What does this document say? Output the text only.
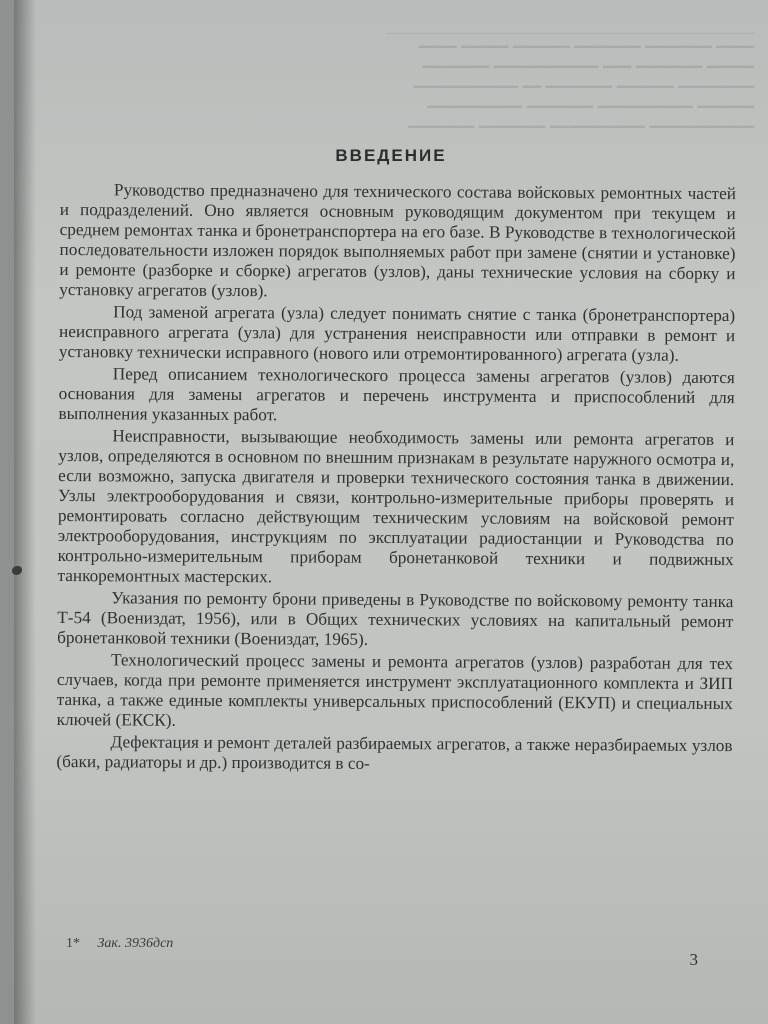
______________________________________________
━━━━ ━━━━━━━ ━━━━━━━ ━━━━━━ ━━━━━ ━━━━
━━━━━ ━━━━━━━ ━━━ ━━━━━━━━━━━ ━━━━━━━
━━━━━━━━ ━━━━━━ ━━━━━━━ ━━ ━━━━━━━━━━━
━━━━━━ ━━━━━━━━━━ ━━━━━━━ ━━━━━━━━━━
━━━━━━━━━━━ ━━━━━━━━━━ ━━━━━━━ ━━━━━━━
ВВЕДЕНИЕ

Руководство предназначено для технического состава войсковых ремонтных частей и подразделений. Оно является основным руководящим документом при текущем и среднем ремонтах танка и бронетранспортера на его базе. В Руководстве в технологической последовательности изложен порядок выполняемых работ при замене (снятии и установке) и ремонте (разборке и сборке) агрегатов (узлов), даны технические условия на сборку и установку агрегатов (узлов).

Под заменой агрегата (узла) следует понимать снятие с танка (бронетранспортера) неисправного агрегата (узла) для устранения неисправности или отправки в ремонт и установку технически исправного (нового или отремонтированного) агрегата (узла).

Перед описанием технологического процесса замены агрегатов (узлов) даются основания для замены агрегатов и перечень инструмента и приспособлений для выполнения указанных работ.

Неисправности, вызывающие необходимость замены или ремонта агрегатов и узлов, определяются в основном по внешним признакам в результате наружного осмотра и, если возможно, запуска двигателя и проверки технического состояния танка в движении. Узлы электрооборудования и связи, контрольно-измерительные приборы проверять и ремонтировать согласно действующим техническим условиям на войсковой ремонт электрооборудования, инструкциям по эксплуатации радиостанции и Руководства по контрольно-измерительным приборам бронетанковой техники и подвижных танкоремонтных мастерских.

Указания по ремонту брони приведены в Руководстве по войсковому ремонту танка Т-54 (Воениздат, 1956), или в Общих технических условиях на капитальный ремонт бронетанковой техники (Воениздат, 1965).

Технологический процесс замены и ремонта агрегатов (узлов) разработан для тех случаев, когда при ремонте применяется инструмент эксплуатационного комплекта и ЗИП танка, а также единые комплекты универсальных приспособлений (ЕКУП) и специальных ключей (ЕКСК).

Дефектация и ремонт деталей разбираемых агрегатов, а также неразбираемых узлов (баки, радиаторы и др.) производится в со-

1* Зак. 3936дсп
3
